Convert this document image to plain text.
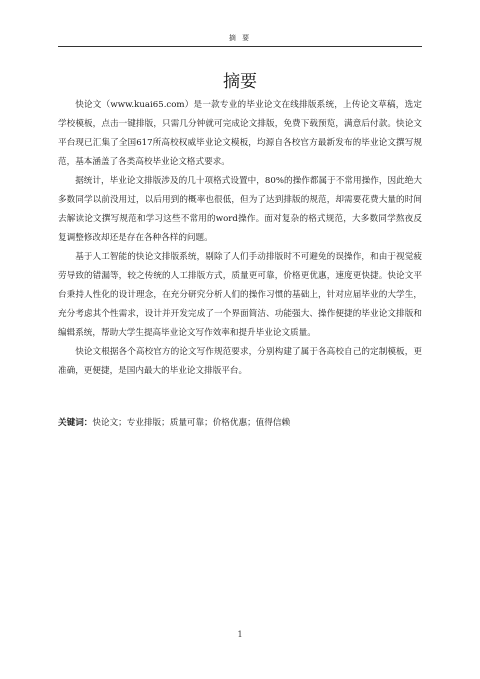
摘 要
摘要

快论文（www.kuai65.com）是一款专业的毕业论文在线排版系统，上传论文草稿，选定学校模板，点击一键排版，只需几分钟就可完成论文排版，免费下载预览，满意后付款。快论文平台现已汇集了全国617所高校权威毕业论文模板，均源自各校官方最新发布的毕业论文撰写规范，基本涵盖了各类高校毕业论文格式要求。

据统计，毕业论文排版涉及的几十项格式设置中，80%的操作都属于不常用操作，因此绝大多数同学以前没用过，以后用到的概率也很低，但为了达到排版的规范，却需要花费大量的时间去解读论文撰写规范和学习这些不常用的word操作。面对复杂的格式规范，大多数同学熬夜反复调整修改却还是存在各种各样的问题。

基于人工智能的快论文排版系统，剔除了人们手动排版时不可避免的误操作，和由于视觉疲劳导致的错漏等，较之传统的人工排版方式，质量更可靠，价格更优惠，速度更快捷。快论文平台秉持人性化的设计理念，在充分研究分析人们的操作习惯的基础上，针对应届毕业的大学生，充分考虑其个性需求，设计并开发完成了一个界面简洁、功能强大、操作便捷的毕业论文排版和编辑系统，帮助大学生提高毕业论文写作效率和提升毕业论文质量。

快论文根据各个高校官方的论文写作规范要求，分别构建了属于各高校自己的定制模板，更准确，更便捷，是国内最大的毕业论文排版平台。

关键词：快论文；专业排版；质量可靠；价格优惠；值得信赖

1
